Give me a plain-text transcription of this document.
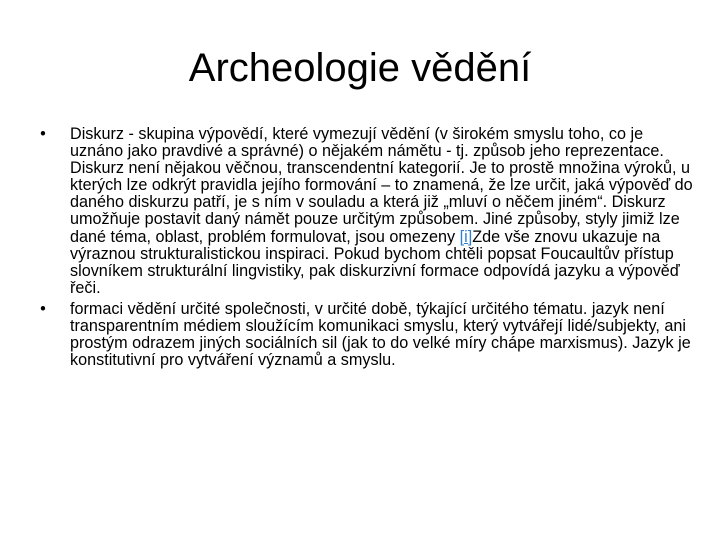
Archeologie vědění
• Diskurz - skupina výpovědí, které vymezují vědění (v širokém smyslu toho, co je uznáno jako pravdivé a správné) o nějakém námětu - tj. způsob jeho reprezentace. Diskurz není nějakou věčnou, transcendentní kategorií. Je to prostě množina výroků, u kterých lze odkrýt pravidla jejího formování – to znamená, že lze určit, jaká výpověď do daného diskurzu patří, je s ním v souladu a která již „mluví o něčem jiném“. Diskurz umožňuje postavit daný námět pouze určitým způsobem. Jiné způsoby, styly jimiž lze dané téma, oblast, problém formulovat, jsou omezeny [i]Zde vše znovu ukazuje na výraznou strukturalistickou inspiraci. Pokud bychom chtěli popsat Foucaultův přístup slovníkem strukturální lingvistiky, pak diskurzivní formace odpovídá jazyku a výpověď řeči.
• formaci vědění určité společnosti, v určité době, týkající určitého tématu. jazyk není transparentním médiem sloužícím komunikaci smyslu, který vytvářejí lidé/subjekty, ani prostým odrazem jiných sociálních sil (jak to do velké míry chápe marxismus). Jazyk je konstitutivní pro vytváření významů a smyslu.
